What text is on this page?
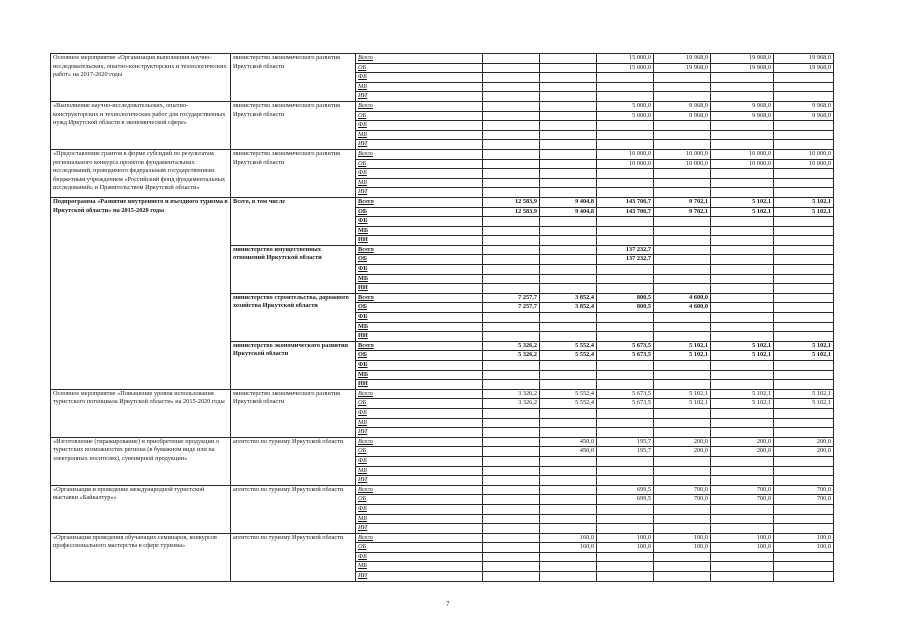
Основное мероприятие «Организация выполнения научно-исследовательских, опытно-конструкторских и технологических работ» на 2017-2020 годы	министерство экономического развития Иркутской области	Всего			15 000,0	19 968,0	19 968,0	19 968,0
		ОБ			15 000,0	19 968,0	19 968,0	19 968,0
		ФБ						
		МБ						
		ИИ						
«Выполнение научно-исследовательских, опытно-конструкторских и технологических работ для государственных нужд Иркутской области в экономической сфере»	министерство экономического развития Иркутской области	Всего			5 000,0	9 968,0	9 968,0	9 968,0
		ОБ			5 000,0	9 968,0	9 968,0	9 968,0
		ФБ						
		МБ						
		ИИ						
«Предоставление грантов в форме субсидий по результатам регионального конкурса проектов фундаментальных исследований, проводимого федеральным государственным бюджетным учреждением «Российский фонд фундаментальных исследований» и Правительством Иркутской области»	министерство экономического развития Иркутской области	Всего			10 000,0	10 000,0	10 000,0	10 000,0
		ОБ			10 000,0	10 000,0	10 000,0	10 000,0
		ФБ						
		МБ						
		ИИ						
Подпрограмма «Развитие внутреннего и въездного туризма в Иркутской области» на 2015-2020 годы	Всего, в том числе	Всего	12 583,9	9 404,8	143 706,7	9 702,1	5 102,1	5 102,1
		ОБ	12 583,9	9 404,8	143 706,7	9 702,1	5 102,1	5 102,1
		ФБ						
		МБ						
		ИИ						
	министерство имущественных отношений Иркутской области	Всего			137 232,7			
		ОБ			137 232,7			
		ФБ						
		МБ						
		ИИ						
	министерство строительства, дорожного хозяйства Иркутской области	Всего	7 257,7	3 852,4	800,5	4 600,0		
		ОБ	7 257,7	3 852,4	800,5	4 600,0		
		ФБ						
		МБ						
		ИИ						
	министерство экономического развития Иркутской области	Всего	5 326,2	5 552,4	5 673,5	5 102,1	5 102,1	5 102,1
		ОБ	5 326,2	5 552,4	5 673,5	5 102,1	5 102,1	5 102,1
		ФБ						
		МБ						
		ИИ						
Основное мероприятие «Повышение уровня использования туристского потенциала Иркутской области» на 2015-2020 годы	министерство экономического развития Иркутской области	Всего	3 326,2	5 552,4	5 673,5	5 102,1	5 102,1	5 102,1
		ОБ	3 326,2	5 552,4	5 673,5	5 102,1	5 102,1	5 102,1
		ФБ						
		МБ						
		ИИ						
«Изготовление (тиражирование) и приобретение продукции о туристских возможностях региона (в бумажном виде или на электронных носителях), сувенирной продукции»	агентство по туризму Иркутской области	Всего		450,0	195,7	200,0	200,0	200,0
		ОБ		450,0	195,7	200,0	200,0	200,0
		ФБ						
		МБ						
		ИИ						
«Организация и проведение международной туристской выставки «Байкалтур»»	агентство по туризму Иркутской области	Всего			699,5	700,0	700,0	700,0
		ОБ			699,5	700,0	700,0	700,0
		ФБ						
		МБ						
		ИИ						
«Организация проведения обучающих семинаров, конкурсов профессионального мастерства в сфере туризма»	агентство по туризму Иркутской области	Всего		160,0	100,0	100,0	100,0	100,0
		ОБ		160,0	100,0	100,0	100,0	100,0
		ФБ						
		МБ						
		ИИ						
7
